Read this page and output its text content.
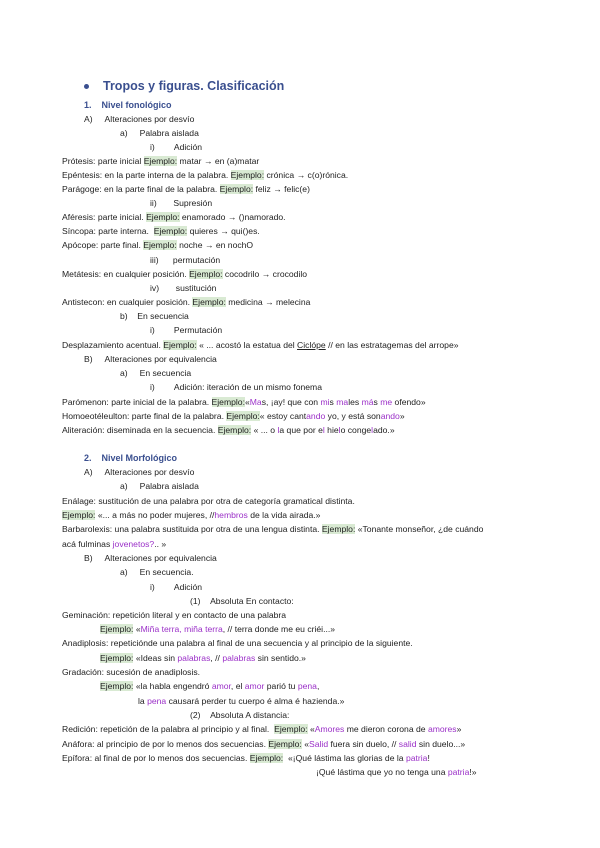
Tropos y figuras. Clasificación
1. Nivel fonológico
A) Alteraciones por desvío
a) Palabra aislada
i) Adición
Prótesis: parte inicial Ejemplo: matar → en (a)matar
Epéntesis: en la parte interna de la palabra. Ejemplo: crónica → c(o)rónica.
Parágoge: en la parte final de la palabra. Ejemplo: feliz → felic(e)
ii) Supresión
Aféresis: parte inicial. Ejemplo: enamorado → ()namorado.
Síncopa: parte interna. Ejemplo: quieres → qui()es.
Apócope: parte final. Ejemplo: noche → en nochO
iii) permutación
Metátesis: en cualquier posición. Ejemplo: cocodrilo → crocodilo
iv) sustitución
Antistecon: en cualquier posición. Ejemplo: medicina → melecina
b) En secuencia
i) Permutación
Desplazamiento acentual. Ejemplo: « ... acostó la estatua del Ciclópe // en las estratagemas del arrope»
B) Alteraciones por equivalencia
a) En secuencia
i) Adición: iteración de un mismo fonema
Parómenon: parte inicial de la palabra. Ejemplo:«Mas, ¡ay! que con mis males más me ofendo»
Homoeotéleulton: parte final de la palabra. Ejemplo:« estoy cantando yo, y está sonando»
Aliteración: diseminada en la secuencia. Ejemplo: « ... o la que por el hielo congelado.»
2. Nivel Morfológico
A) Alteraciones por desvío
a) Palabra aislada
Enálage: sustitución de una palabra por otra de categoría gramatical distinta.
Ejemplo: «... a más no poder mujeres, //hembros de la vida airada.»
Barbarolexis: una palabra sustituida por otra de una lengua distinta. Ejemplo: «Tonante monseñor, ¿de cuándo
acá fulminas jovenetos?.. »
B) Alteraciones por equivalencia
a) En secuencia.
i) Adición
(1) Absoluta En contacto:
Geminación: repetición literal y en contacto de una palabra
Ejemplo: «Miña terra, miña terra, // terra donde me eu criéi...»
Anadiplosis: repeticiónde una palabra al final de una secuencia y al principio de la siguiente.
Ejemplo: «Ideas sin palabras, // palabras sin sentido.»
Gradación: sucesión de anadiplosis.
Ejemplo: «la habla engendró amor, el amor parió tu pena,
la pena causará perder tu cuerpo é alma é hazienda.»
(2) Absoluta A distancia:
Redición: repetición de la palabra al principio y al final. Ejemplo: «Amores me dieron corona de amores»
Anáfora: al principio de por lo menos dos secuencias. Ejemplo: «Salid fuera sin duelo, // salid sin duelo...»
Epífora: al final de por lo menos dos secuencias. Ejemplo: «¡Qué lástima las glorias de la patria!
¡Qué lástima que yo no tenga una patria!»
